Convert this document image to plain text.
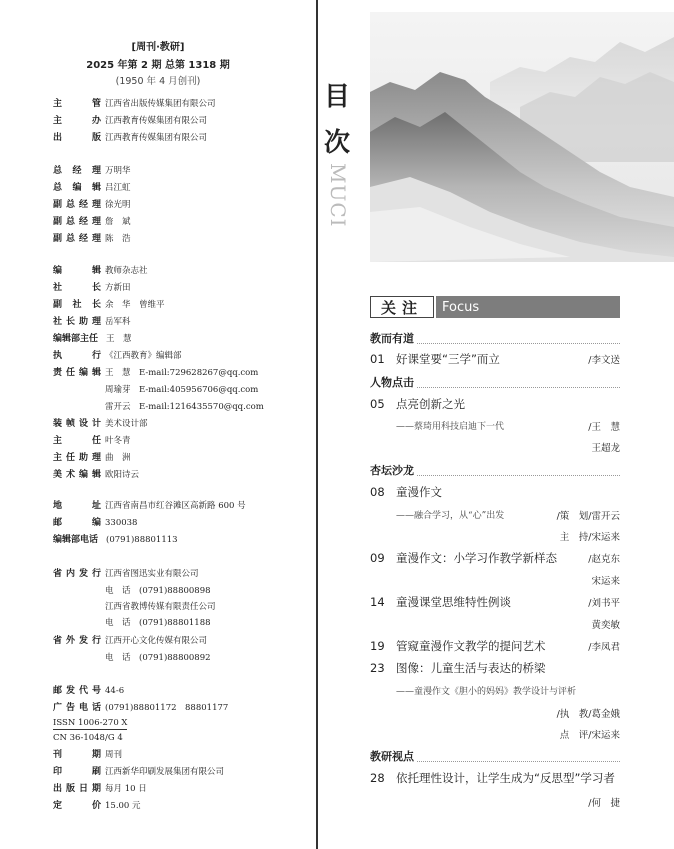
[周刊·教研]
2025 年第 2 期 总第 1318 期
(1950 年 4 月创刊)
主　管 江西省出版传媒集团有限公司
主　办 江西教育传媒集团有限公司
出　版 江西教育传媒集团有限公司
总经理 万明华
总编辑 吕江虹
副总经理 徐光明
副总经理 詹　斌
副总经理 陈　浩
编　辑 教师杂志社
社　长 方新田
副社长 余　华　曾维平
社长助理 岳军科
编辑部主任 王　慧
执　行 《江西教育》编辑部
责任编辑 王　慧　E-mail:729628267@qq.com
周瑜芽　E-mail:405956706@qq.com
雷开云　E-mail:1216435570@qq.com
装帧设计 美术设计部
主　任 叶冬青
主任助理 曲　洲
美术编辑 欧阳诗云
地　址 江西省南昌市红谷滩区高新路 600 号
邮　编 330038
编辑部电话 (0791)88801113
省内发行 江西省图迅实业有限公司
电　话　(0791)88800898
江西省教博传媒有限责任公司
电　话　(0791)88801188
省外发行 江西开心文化传媒有限公司
电　话　(0791)88800892
邮发代号 44-6
广告电话 (0791)88801172　88801177
ISSN 1006-270 X
CN 36-1048/G 4
刊　期 周刊
印　刷 江西新华印刷发展集团有限公司
出版日期 每月 10 日
定　价 15.00 元
目
次
MUCI
关注	Focus
教而有道
01 好课堂要“三学”而立	/李文送
人物点击
05 点亮创新之光
——蔡琦用科技启迪下一代	/王　慧
王超龙
杏坛沙龙
08 童漫作文
——融合学习，从“心”出发	/策　划/雷开云
主　持/宋运来
09 童漫作文：小学习作教学新样态	/赵克东
宋运来
14 童漫课堂思维特性例谈	/刘书平
黄奕敏
19 管窥童漫作文教学的提问艺术	/李凤君
23 图像：儿童生活与表达的桥梁
——童漫作文《胆小的妈妈》教学设计与评析
/执　教/葛金娥
点　评/宋运来
教研视点
28 依托理性设计，让学生成为“反思型”学习者
/何　捷
